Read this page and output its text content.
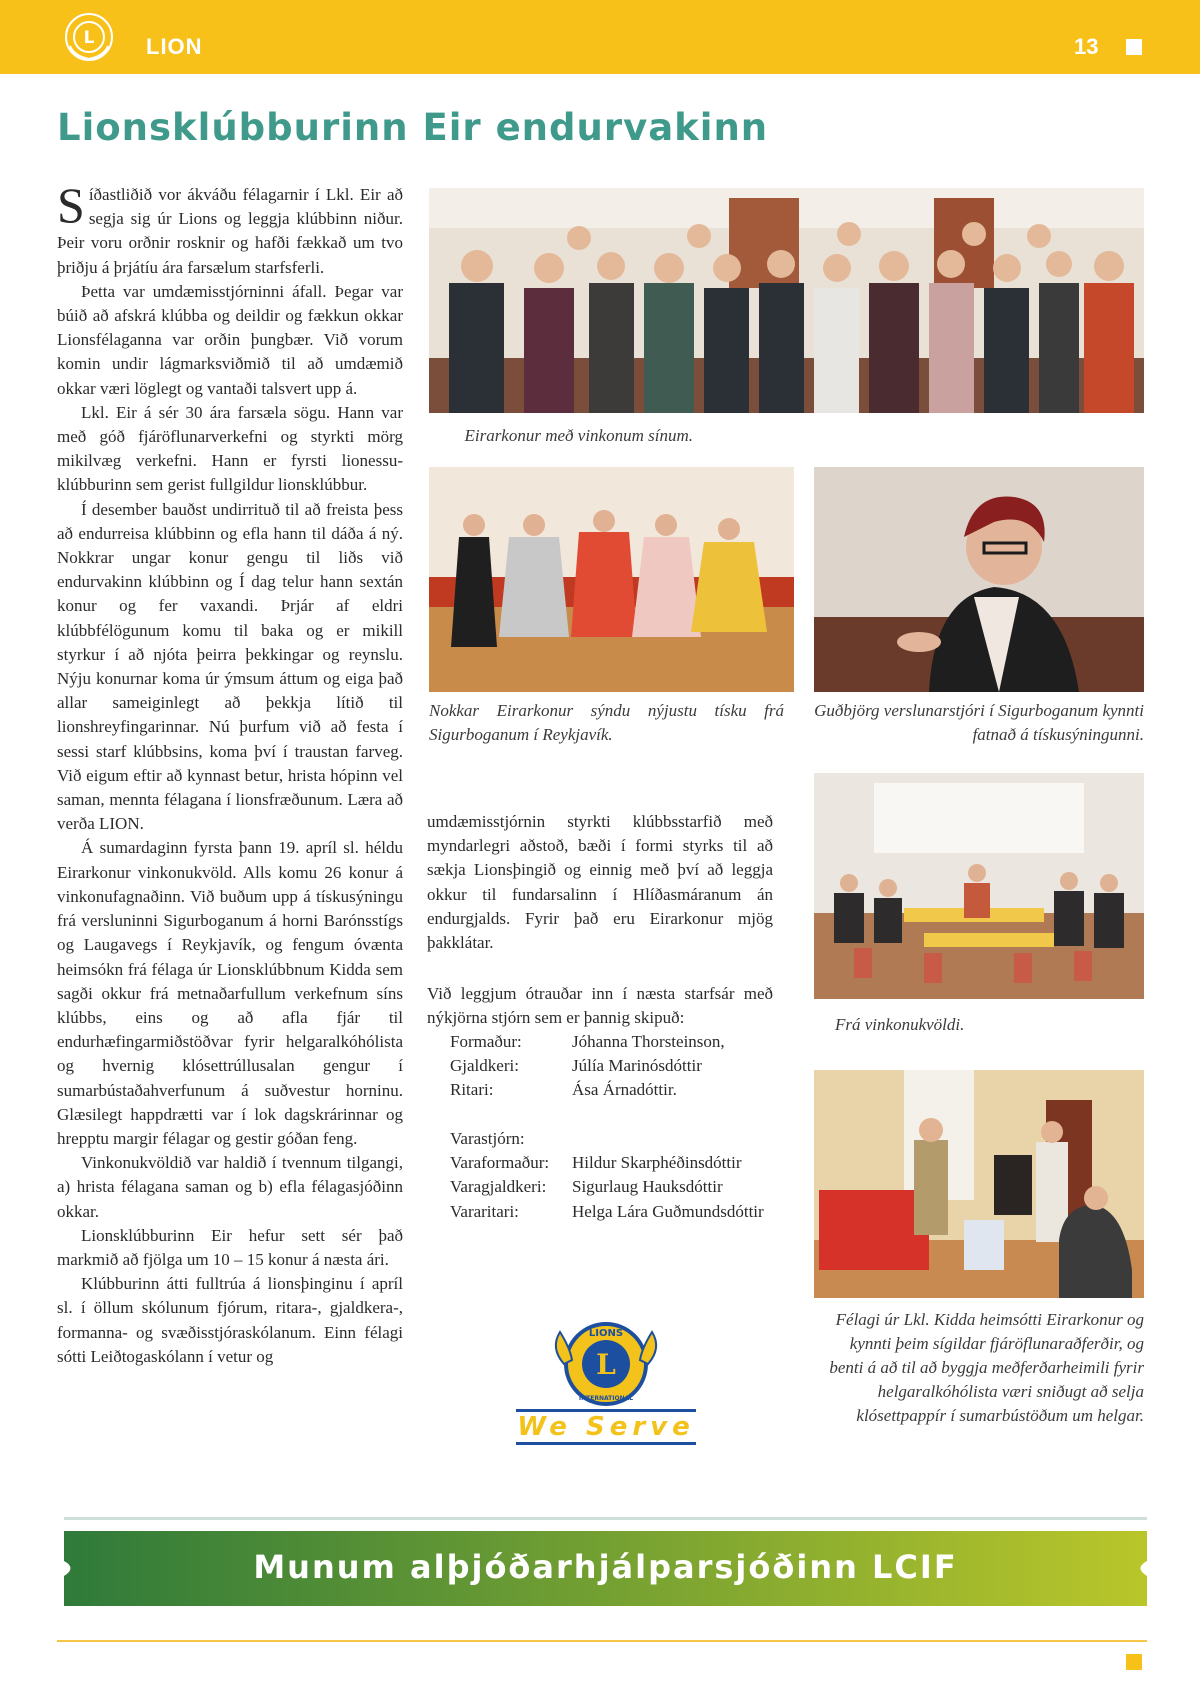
L LION	13
Lionsklúbburinn Eir endurvakinn

Síðastliðið vor ákváðu félagarnir í Lkl. Eir að segja sig úr Lions og leggja klúbbinn niður. Þeir voru orðnir rosknir og hafði fækkað um tvo þriðju á þrjátíu ára farsælum starfsferli.

Þetta var umdæmisstjórninni áfall. Þegar var búið að afskrá klúbba og deildir og fækkun okkar Lionsfélaganna var orðin þungbær. Við vorum komin undir lágmarksviðmið til að umdæmið okkar væri löglegt og vantaði talsvert upp á.

Lkl. Eir á sér 30 ára farsæla sögu. Hann var með góð fjáröflunarverkefni og styrkti mörg mikilvæg verkefni. Hann er fyrsti lionessuklúbburinn sem gerist fullgildur lionsklúbbur.

Í desember bauðst undirrituð til að freista þess að endurreisa klúbbinn og efla hann til dáða á ný. Nokkrar ungar konur gengu til liðs við endurvakinn klúbbinn og Í dag telur hann sextán konur og fer vaxandi. Þrjár af eldri klúbbfélögunum komu til baka og er mikill styrkur í að njóta þeirra þekkingar og reynslu. Nýju konurnar koma úr ýmsum áttum og eiga það allar sameiginlegt að þekkja lítið til lionshreyfingarinnar. Nú þurfum við að festa í sessi starf klúbbsins, koma því í traustan farveg. Við eigum eftir að kynnast betur, hrista hópinn vel saman, mennta félagana í lionsfræðunum. Læra að verða LION.

Á sumardaginn fyrsta þann 19. apríl sl. héldu Eirarkonur vinkonukvöld. Alls komu 26 konur á vinkonufagnaðinn. Við buðum upp á tískusýningu frá versluninni Sigurboganum á horni Barónsstígs og Laugavegs í Reykjavík, og fengum óvænta heimsókn frá félaga úr Lionsklúbbnum Kidda sem sagði okkur frá metnaðarfullum verkefnum síns klúbbs, eins og að afla fjár til endurhæfingarmiðstöðvar fyrir helgaralkóhólista og hvernig klósettrúllusalan gengur í sumarbústaðahverfunum á suðvestur horninu. Glæsilegt happdrætti var í lok dagskrárinnar og hrepptu margir félagar og gestir góðan feng.

Vinkonukvöldið var haldið í tvennum tilgangi, a) hrista félagana saman og b) efla félagasjóðinn okkar.

Lionsklúbburinn Eir hefur sett sér það markmið að fjölga um 10 – 15 konur á næsta ári.

Klúbburinn átti fulltrúa á lionsþinginu í apríl sl. í öllum skólunum fjórum, ritara-, gjaldkera-, formanna- og svæðisstjóraskólanum. Einn félagi sótti Leiðtogaskólann í vetur og

Eirarkonur með vinkonum sínum.
Nokkar Eirarkonur sýndu nýjustu tísku frá Sigurboganum í Reykjavík.
Guðbjörg verslunarstjóri í Sigurboganum kynnti fatnað á tískusýningunni.
Frá vinkonukvöldi.
Félagi úr Lkl. Kidda heimsótti Eirarkonur og kynnti þeim sígildar fjáröflunaraðferðir, og benti á að til að byggja meðferðarheimili fyrir helgaralkóhólista væri sniðugt að selja klósettpappír í sumarbústöðum um helgar.

umdæmisstjórnin styrkti klúbbsstarfið með myndarlegri aðstoð, bæði í formi styrks til að sækja Lionsþingið og einnig með því að leggja okkur til fundarsalinn í Hlíðasmáranum án endurgjalds. Fyrir það eru Eirarkonur mjög þakklátar.

Við leggjum ótrauðar inn í næsta starfsár með nýkjörna stjórn sem er þannig skipuð:

Formaður:	Jóhanna Thorsteinson,
Gjaldkeri:	Júlía Marinósdóttir
Ritari:	Ása Árnadóttir.
Varastjórn:
Varaformaður: Hildur Skarphéðinsdóttir
Varagjaldkeri: Sigurlaug Hauksdóttir
Vararitari:	Helga Lára Guðmundsdóttir
L
LIONS
INTERNATIONAL
We Serve
Munum alþjóðarhjálparsjóðinn LCIF
